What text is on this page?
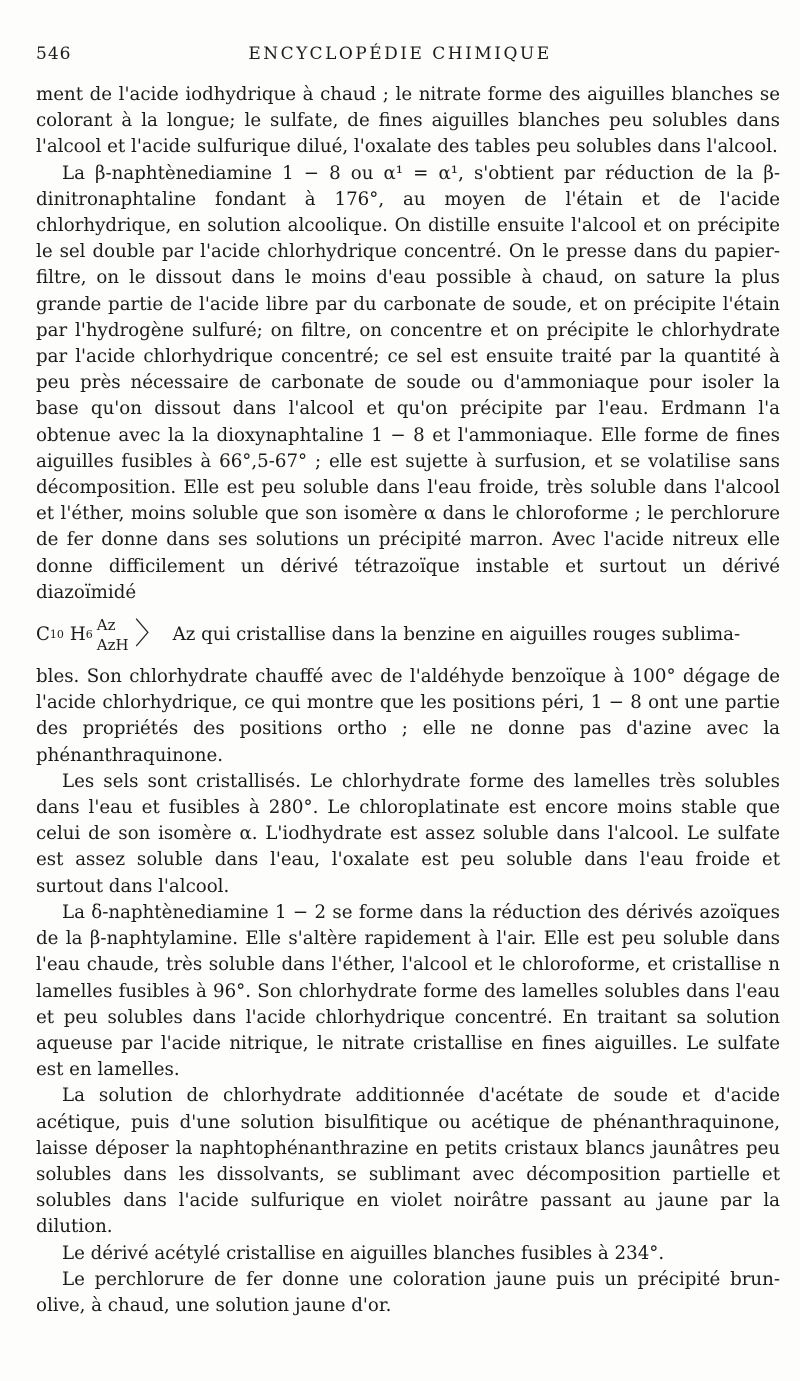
546	ENCYCLOPÉDIE CHIMIQUE

ment de l'acide iodhydrique à chaud ; le nitrate forme des aiguilles blanches se colorant à la longue; le sulfate, de fines aiguilles blanches peu solubles dans l'alcool et l'acide sulfurique dilué, l'oxalate des tables peu solubles dans l'alcool.

La β-naphtènediamine 1 − 8 ou α¹ = α¹, s'obtient par réduction de la β-dinitronaphtaline fondant à 176°, au moyen de l'étain et de l'acide chlorhydrique, en solution alcoolique. On distille ensuite l'alcool et on précipite le sel double par l'acide chlorhydrique concentré. On le presse dans du papier-filtre, on le dissout dans le moins d'eau possible à chaud, on sature la plus grande partie de l'acide libre par du carbonate de soude, et on précipite l'étain par l'hydrogène sulfuré; on filtre, on concentre et on précipite le chlorhydrate par l'acide chlorhydrique concentré; ce sel est ensuite traité par la quantité à peu près nécessaire de carbonate de soude ou d'ammoniaque pour isoler la base qu'on dissout dans l'alcool et qu'on précipite par l'eau. Erdmann l'a obtenue avec la la dioxynaphtaline 1 − 8 et l'ammoniaque. Elle forme de fines aiguilles fusibles à 66°,5-67° ; elle est sujette à surfusion, et se volatilise sans décomposition. Elle est peu soluble dans l'eau froide, très soluble dans l'alcool et l'éther, moins soluble que son isomère α dans le chloroforme ; le perchlorure de fer donne dans ses solutions un précipité marron. Avec l'acide nitreux elle donne difficilement un dérivé tétrazoïque instable et surtout un dérivé diazoïmidé

C 10 H 6
Az
AzH 〉 Az qui cristallise dans la benzine en aiguilles rouges sublima-

bles. Son chlorhydrate chauffé avec de l'aldéhyde benzoïque à 100° dégage de l'acide chlorhydrique, ce qui montre que les positions péri, 1 − 8 ont une partie des propriétés des positions ortho ; elle ne donne pas d'azine avec la phénanthraquinone.

Les sels sont cristallisés. Le chlorhydrate forme des lamelles très solubles dans l'eau et fusibles à 280°. Le chloroplatinate est encore moins stable que celui de son isomère α. L'iodhydrate est assez soluble dans l'alcool. Le sulfate est assez soluble dans l'eau, l'oxalate est peu soluble dans l'eau froide et surtout dans l'alcool.

La δ-naphtènediamine 1 − 2 se forme dans la réduction des dérivés azoïques de la β-naphtylamine. Elle s'altère rapidement à l'air. Elle est peu soluble dans l'eau chaude, très soluble dans l'éther, l'alcool et le chloroforme, et cristallise n lamelles fusibles à 96°. Son chlorhydrate forme des lamelles solubles dans l'eau et peu solubles dans l'acide chlorhydrique concentré. En traitant sa solution aqueuse par l'acide nitrique, le nitrate cristallise en fines aiguilles. Le sulfate est en lamelles.

La solution de chlorhydrate additionnée d'acétate de soude et d'acide acétique, puis d'une solution bisulfitique ou acétique de phénanthraquinone, laisse déposer la naphtophénanthrazine en petits cristaux blancs jaunâtres peu solubles dans les dissolvants, se sublimant avec décomposition partielle et solubles dans l'acide sulfurique en violet noirâtre passant au jaune par la dilution.

Le dérivé acétylé cristallise en aiguilles blanches fusibles à 234°.

Le perchlorure de fer donne une coloration jaune puis un précipité brun-olive, à chaud, une solution jaune d'or.
